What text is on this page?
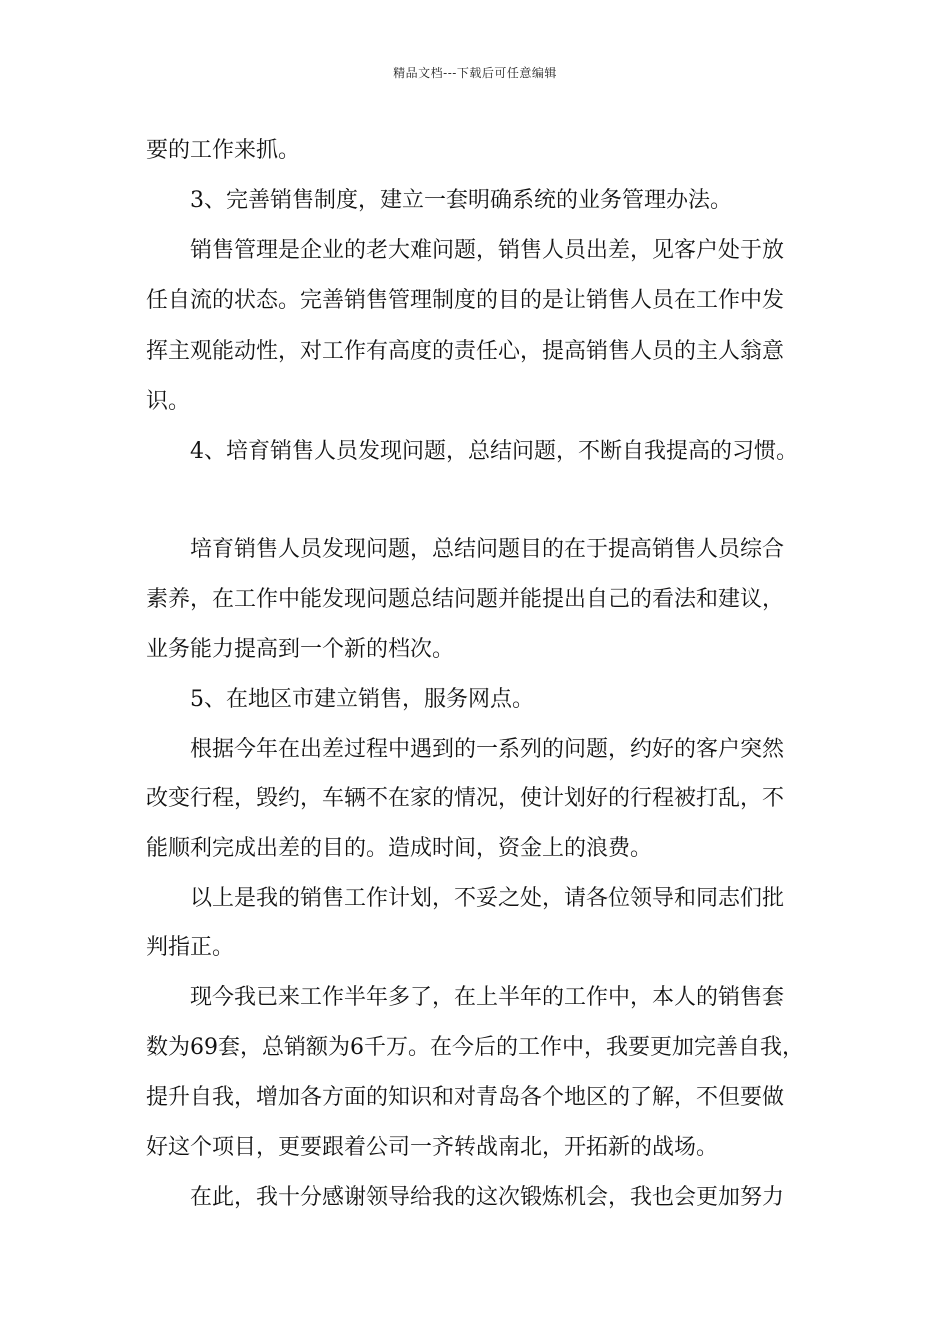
精品文档---下载后可任意编辑
要的工作来抓。
3、完善销售制度，建立一套明确系统的业务管理办法。
销售管理是企业的老大难问题，销售人员出差，见客户处于放
任自流的状态。完善销售管理制度的目的是让销售人员在工作中发
挥主观能动性，对工作有高度的责任心，提高销售人员的主人翁意
识。
4、培育销售人员发现问题，总结问题，不断自我提高的习惯。
培育销售人员发现问题，总结问题目的在于提高销售人员综合
素养，在工作中能发现问题总结问题并能提出自己的看法和建议，
业务能力提高到一个新的档次。
5、在地区市建立销售，服务网点。
根据今年在出差过程中遇到的一系列的问题，约好的客户突然
改变行程，毁约，车辆不在家的情况，使计划好的行程被打乱，不
能顺利完成出差的目的。造成时间，资金上的浪费。
以上是我的销售工作计划，不妥之处，请各位领导和同志们批
判指正。
现今我已来工作半年多了，在上半年的工作中，本人的销售套
数为69套，总销额为6千万。在今后的工作中，我要更加完善自我，
提升自我，增加各方面的知识和对青岛各个地区的了解，不但要做
好这个项目，更要跟着公司一齐转战南北，开拓新的战场。
在此，我十分感谢领导给我的这次锻炼机会，我也会更加努力
